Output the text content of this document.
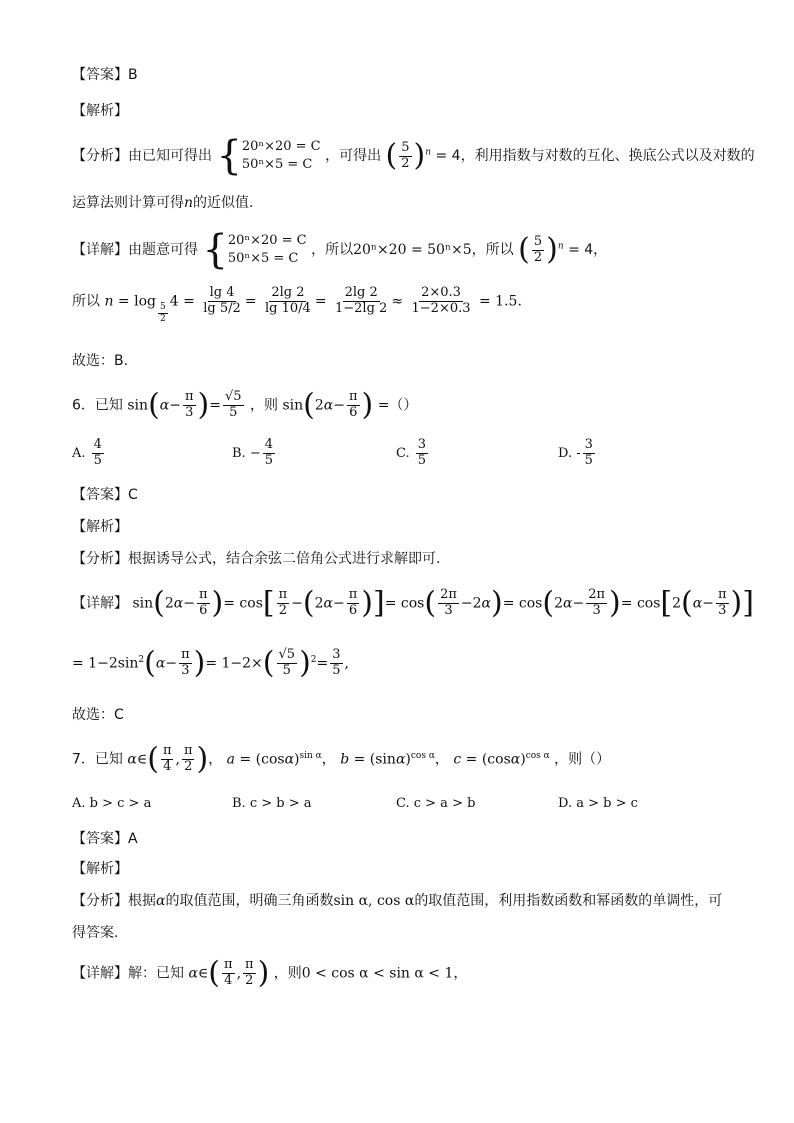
【答案】B
【解析】
【分析】由已知可得出 { 20ⁿ×20 = C
50ⁿ×5 = C
，可得出 ( $\frac{5}{2} )^n = 4$，利用指数与对数的互化、换底公式以及对数的
运算法则计算可得n的近似值.
【详解】由题意可得 { 20ⁿ×20 = C
50ⁿ×5 = C
，所以20ⁿ×20 = 50ⁿ×5，所以 ( $\frac{5}{2} )^n = 4$，
所以 n = log
$\frac{5}{2}$
$4 = \frac{\lg 4}{\lg 5/2} = \frac{2\lg 2}{\lg 10/4} = \frac{2\lg 2}{1-2\lg 2} \approx \frac{2\times 0.3}{1-2\times 0.3} = 1.5$.
故选：B.
6．已知 $\sin(\alpha- \frac{\pi}{3}$ )= $\frac{√5}{5}$ ，则 $\sin(2\alpha- \frac{\pi}{6}$ ) =（）
A. $\frac{4}{5}$	B. − $\frac{4}{5}$	C. $\frac{3}{5}$	D. - $\frac{3}{5}$
【答案】C
【解析】
【分析】根据诱导公式，结合余弦二倍角公式进行求解即可.
【详解】 $\sin(2\alpha- \frac{\pi}{6}$ )= $\cos[ \frac{\pi}{2} -(2\alpha- \frac{\pi}{6}$ )]= $\cos( \frac{2\pi}{3} -2\alpha)= \cos(2\alpha- \frac{2\pi}{3}$ )= $\cos[2(\alpha- \frac{\pi}{3}$ )]
= $1-2\sin^2(\alpha- \frac{\pi}{3}$ )= $1-2\times( \frac{√5}{5} )^2= \frac{3}{5}$ ,
故选：C
7．已知 α∈( $\frac{\pi}{4}$ , $\frac{\pi}{2}$ )， $a = (\cos\alpha)^{sin \alpha}$， $b = (\sin\alpha)^{cos \alpha}$， $c = (\cos\alpha)^{cos \alpha}$ ，则（）
A. b > c > a	B. c > b > a	C. c > a > b	D. a > b > c
【答案】A
【解析】
【分析】根据α的取值范围，明确三角函数sin α, cos α的取值范围，利用指数函数和幂函数的单调性，可
得答案.
【详解】解：已知 α∈( $\frac{\pi}{4}$ , $\frac{\pi}{2}$ ) ，则0 < cos α < sin α < 1，
